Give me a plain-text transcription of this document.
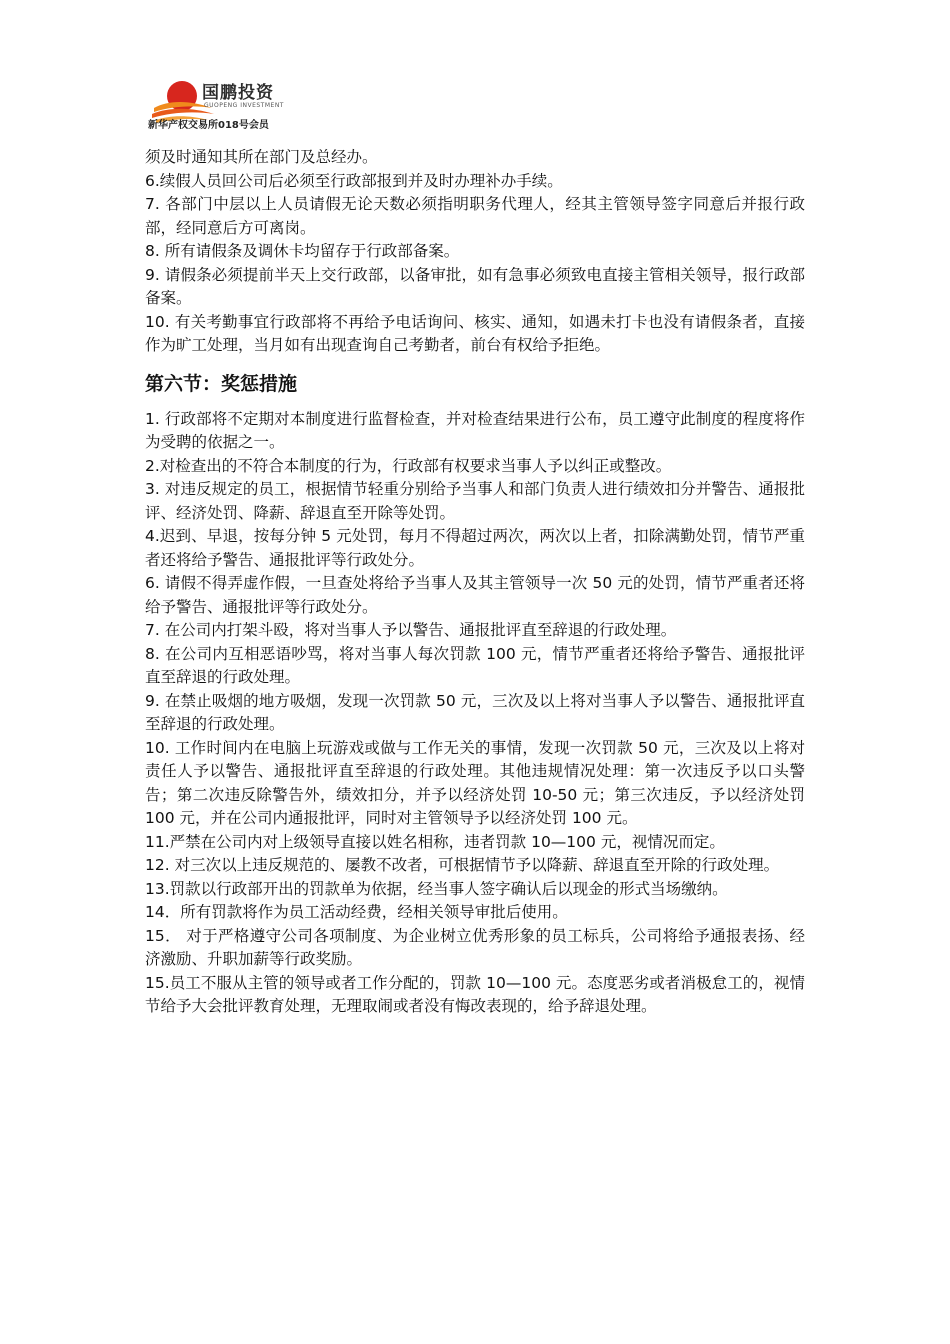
国鹏投资
GUOPENG INVESTMENT
新华产权交易所018号会员

须及时通知其所在部门及总经办。

6.续假人员回公司后必须至行政部报到并及时办理补办手续。

7. 各部门中层以上人员请假无论天数必须指明职务代理人，经其主管领导签字同意后并报行政部，经同意后方可离岗。

8. 所有请假条及调休卡均留存于行政部备案。

9. 请假条必须提前半天上交行政部，以备审批，如有急事必须致电直接主管相关领导，报行政部备案。

10. 有关考勤事宜行政部将不再给予电话询问、核实、通知，如遇未打卡也没有请假条者，直接作为旷工处理，当月如有出现查询自己考勤者，前台有权给予拒绝。

第六节：奖惩措施

1. 行政部将不定期对本制度进行监督检查，并对检查结果进行公布，员工遵守此制度的程度将作为受聘的依据之一。

2.对检查出的不符合本制度的行为，行政部有权要求当事人予以纠正或整改。

3. 对违反规定的员工，根据情节轻重分别给予当事人和部门负责人进行绩效扣分并警告、通报批评、经济处罚、降薪、辞退直至开除等处罚。

4.迟到、早退，按每分钟 5 元处罚，每月不得超过两次，两次以上者，扣除满勤处罚，情节严重者还将给予警告、通报批评等行政处分。

6. 请假不得弄虚作假，一旦查处将给予当事人及其主管领导一次 50 元的处罚，情节严重者还将给予警告、通报批评等行政处分。

7. 在公司内打架斗殴，将对当事人予以警告、通报批评直至辞退的行政处理。

8. 在公司内互相恶语吵骂，将对当事人每次罚款 100 元，情节严重者还将给予警告、通报批评直至辞退的行政处理。

9. 在禁止吸烟的地方吸烟，发现一次罚款 50 元，三次及以上将对当事人予以警告、通报批评直至辞退的行政处理。

10. 工作时间内在电脑上玩游戏或做与工作无关的事情，发现一次罚款 50 元，三次及以上将对责任人予以警告、通报批评直至辞退的行政处理。其他违规情况处理：第一次违反予以口头警告；第二次违反除警告外，绩效扣分，并予以经济处罚 10-50 元；第三次违反，予以经济处罚 100 元，并在公司内通报批评，同时对主管领导予以经济处罚 100 元。

11.严禁在公司内对上级领导直接以姓名相称，违者罚款 10—100 元，视情况而定。

12. 对三次以上违反规范的、屡教不改者，可根据情节予以降薪、辞退直至开除的行政处理。

13.罚款以行政部开出的罚款单为依据，经当事人签字确认后以现金的形式当场缴纳。

14．所有罚款将作为员工活动经费，经相关领导审批后使用。

15． 对于严格遵守公司各项制度、为企业树立优秀形象的员工标兵，公司将给予通报表扬、经济激励、升职加薪等行政奖励。

15.员工不服从主管的领导或者工作分配的，罚款 10—100 元。态度恶劣或者消极怠工的，视情节给予大会批评教育处理，无理取闹或者没有悔改表现的，给予辞退处理。
